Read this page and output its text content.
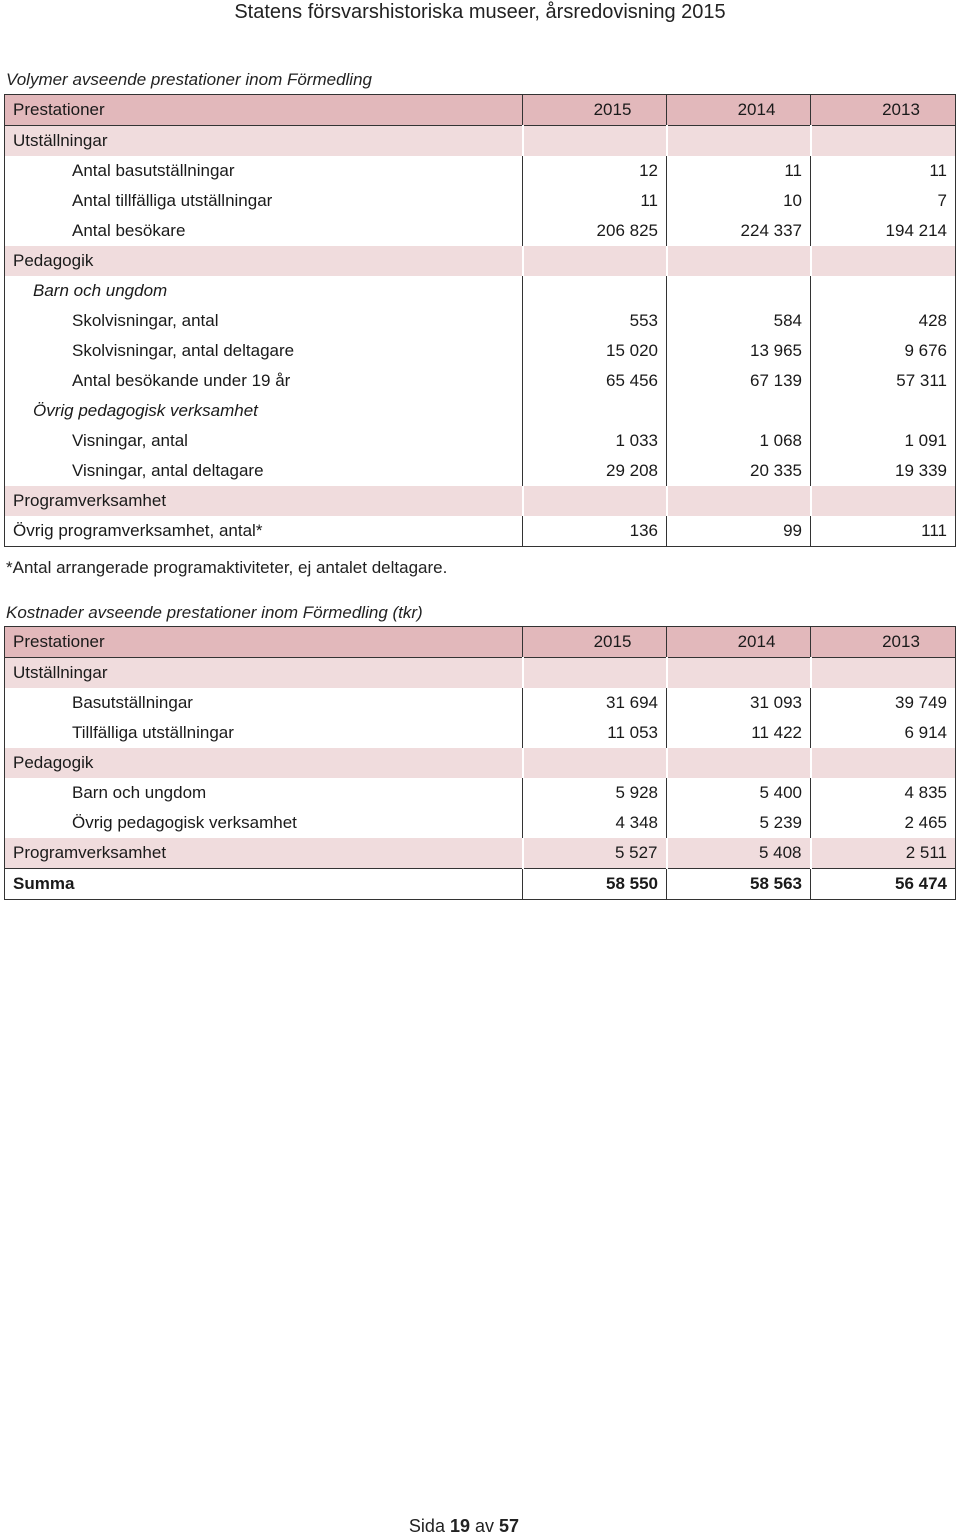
Statens försvarshistoriska museer, årsredovisning 2015
Volymer avseende prestationer inom Förmedling
Prestationer	2015	2014	2013
Utställningar			
Antal basutställningar	12	11	11
Antal tillfälliga utställningar	11	10	7
Antal besökare	206 825	224 337	194 214
Pedagogik			
Barn och ungdom			
Skolvisningar, antal	553	584	428
Skolvisningar, antal deltagare	15 020	13 965	9 676
Antal besökande under 19 år	65 456	67 139	57 311
Övrig pedagogisk verksamhet			
Visningar, antal	1 033	1 068	1 091
Visningar, antal deltagare	29 208	20 335	19 339
Programverksamhet			
Övrig programverksamhet, antal*	136	99	111
*Antal arrangerade programaktiviteter, ej antalet deltagare.
Kostnader avseende prestationer inom Förmedling (tkr)
Prestationer	2015	2014	2013
Utställningar			
Basutställningar	31 694	31 093	39 749
Tillfälliga utställningar	11 053	11 422	6 914
Pedagogik			
Barn och ungdom	5 928	5 400	4 835
Övrig pedagogisk verksamhet	4 348	5 239	2 465
Programverksamhet	5 527	5 408	2 511
Summa	58 550	58 563	56 474
Sida 19 av 57
